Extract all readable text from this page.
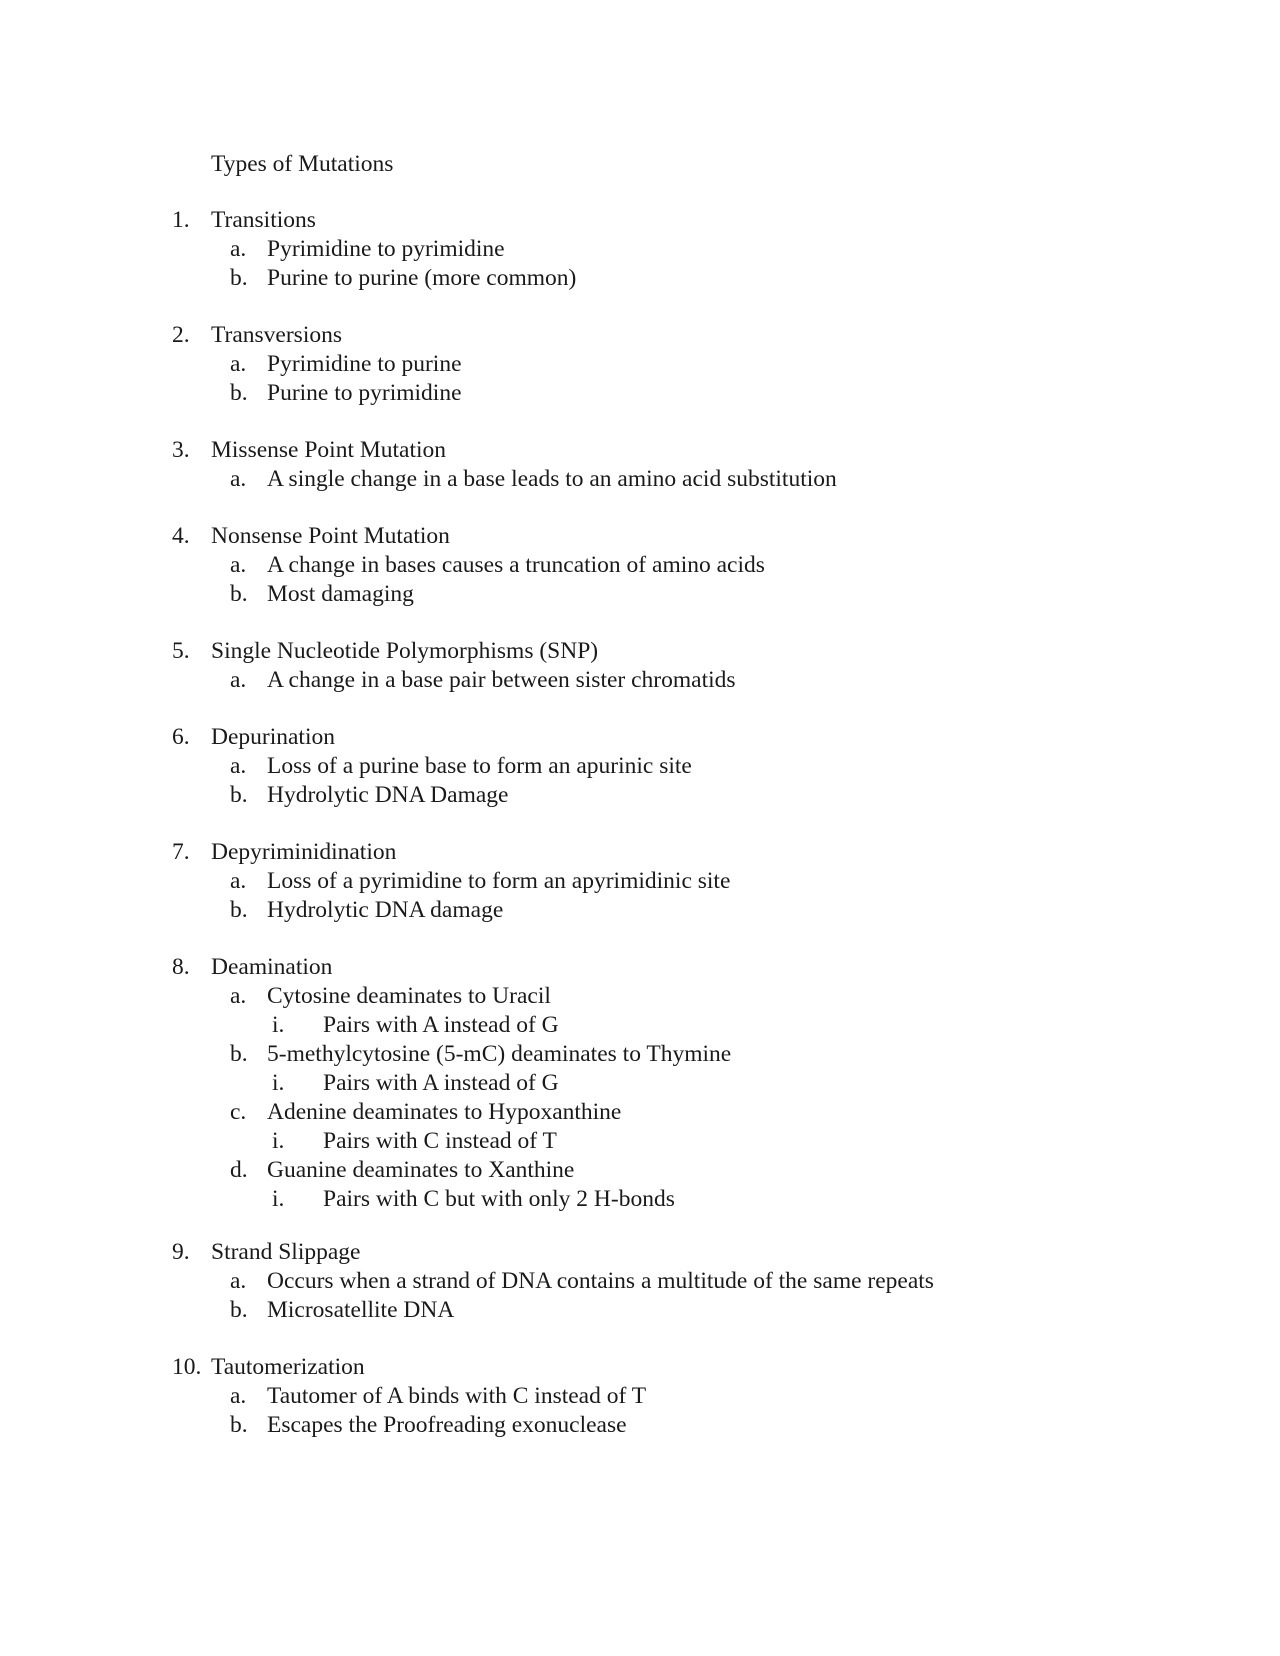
Types of Mutations
1. Transitions
a. Pyrimidine to pyrimidine
b. Purine to purine (more common)
2. Transversions
a. Pyrimidine to purine
b. Purine to pyrimidine
3. Missense Point Mutation
a. A single change in a base leads to an amino acid substitution
4. Nonsense Point Mutation
a. A change in bases causes a truncation of amino acids
b. Most damaging
5. Single Nucleotide Polymorphisms (SNP)
a. A change in a base pair between sister chromatids
6. Depurination
a. Loss of a purine base to form an apurinic site
b. Hydrolytic DNA Damage
7. Depyriminidination
a. Loss of a pyrimidine to form an apyrimidinic site
b. Hydrolytic DNA damage
8. Deamination
a. Cytosine deaminates to Uracil
i. Pairs with A instead of G
b. 5-methylcytosine (5-mC) deaminates to Thymine
i. Pairs with A instead of G
c. Adenine deaminates to Hypoxanthine
i. Pairs with C instead of T
d. Guanine deaminates to Xanthine
i. Pairs with C but with only 2 H-bonds
9. Strand Slippage
a. Occurs when a strand of DNA contains a multitude of the same repeats
b. Microsatellite DNA
10. Tautomerization
a. Tautomer of A binds with C instead of T
b. Escapes the Proofreading exonuclease
